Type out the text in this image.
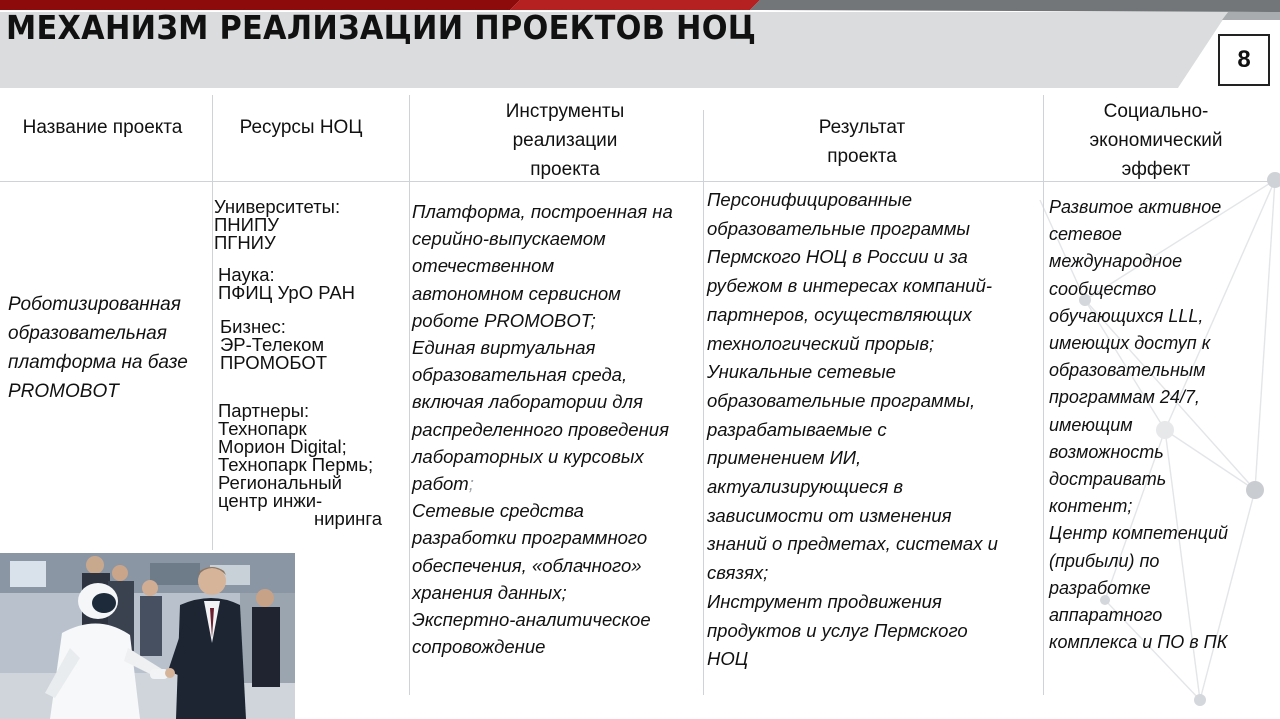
МЕХАНИЗМ РЕАЛИЗАЦИИ ПРОЕКТОВ НОЦ
8
Название проекта	Ресурсы НОЦ
Инструменты
реализации
проекта
Результат
проекта
Социально-
экономический
эффект
Роботизированная
образовательная
платформа на базе
PROMOBOT
Университеты:
ПНИПУ
ПГНИУ
Наука:
ПФИЦ УрО РАН
Бизнес:
ЭР-Телеком
ПРОМОБОТ
Партнеры:
Технопарк
Морион Digital;
Технопарк Пермь;
Региональный
центр инжи-
ниринга
Платформа, построенная на
серийно-выпускаемом
отечественном
автономном сервисном
роботе PROMOBOT;
Единая виртуальная
образовательная среда,
включая лаборатории для
распределенного проведения
лабораторных и курсовых
работ;
Сетевые средства
разработки программного
обеспечения, «облачного»
хранения данных;
Экспертно-аналитическое
сопровождение
Персонифицированные
образовательные программы
Пермского НОЦ в России и за
рубежом в интересах компаний-
партнеров, осуществляющих
технологический прорыв;
Уникальные сетевые
образовательные программы,
разрабатываемые с
применением ИИ,
актуализирующиеся в
зависимости от изменения
знаний о предметах, системах и
связях;
Инструмент продвижения
продуктов и услуг Пермского
НОЦ
Развитое активное
сетевое
международное
сообщество
обучающихся LLL,
имеющих доступ к
образовательным
программам 24/7,
имеющим
возможность
достраивать
контент;
Центр компетенций
(прибыли) по
разработке
аппаратного
комплекса и ПО в ПК
